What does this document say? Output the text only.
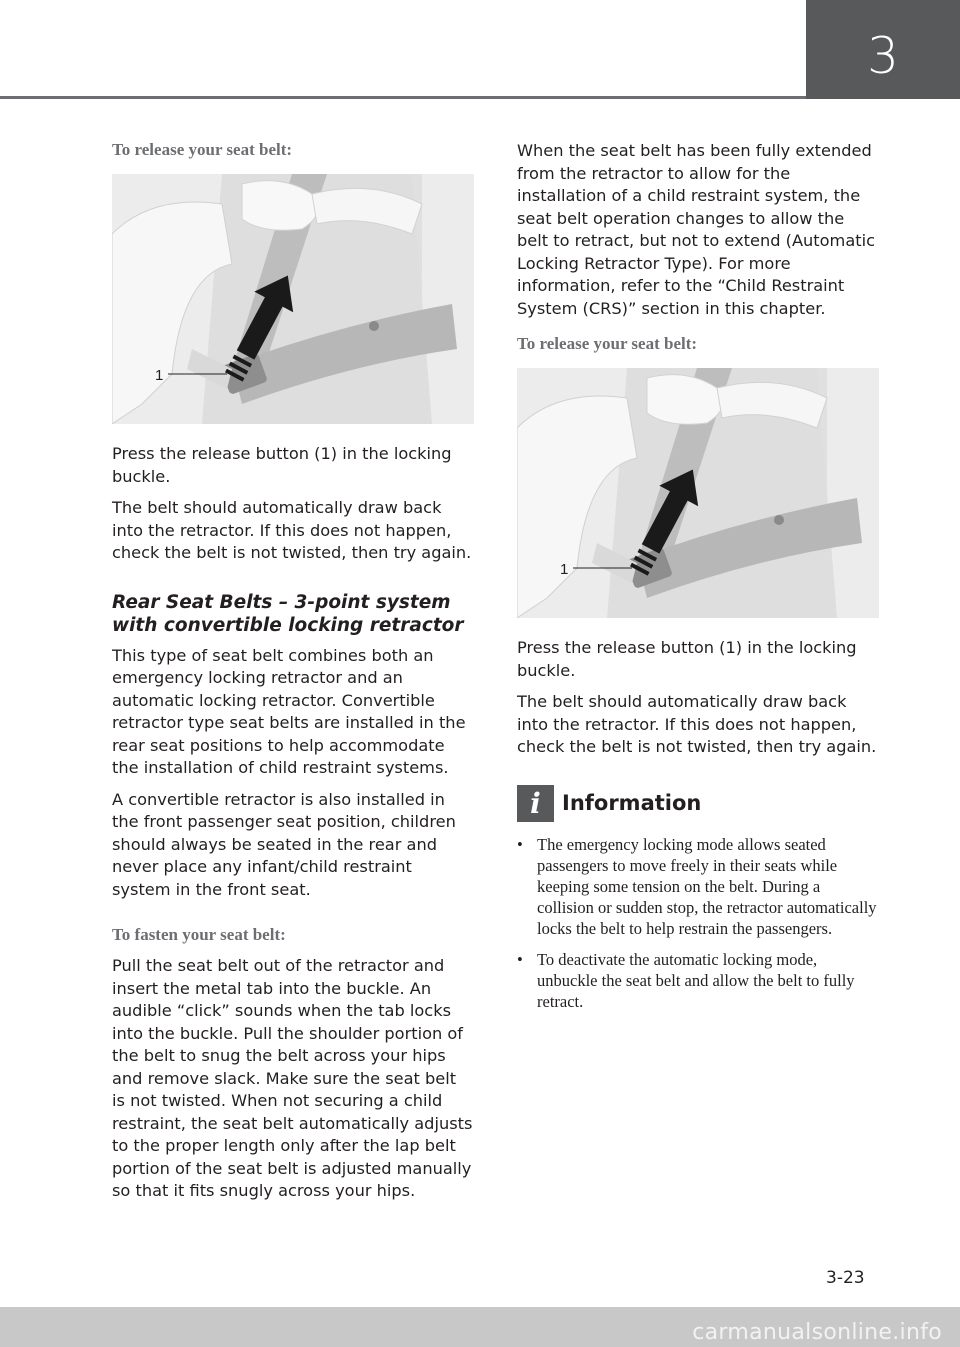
3
To release your seat belt:
1

Press the release button (1) in the locking buckle.

The belt should automatically draw back into the retractor. If this does not happen, check the belt is not twisted, then try again.

Rear Seat Belts – 3-point system with convertible locking retractor

This type of seat belt combines both an emergency locking retractor and an automatic locking retractor. Convertible retractor type seat belts are installed in the rear seat positions to help accommodate the installation of child restraint systems.

A convertible retractor is also installed in the front passenger seat position, children should always be seated in the rear and never place any infant/child restraint system in the front seat.

To fasten your seat belt:

Pull the seat belt out of the retractor and insert the metal tab into the buckle. An audible “click” sounds when the tab locks into the buckle. Pull the shoulder portion of the belt to snug the belt across your hips and remove slack. Make sure the seat belt is not twisted. When not securing a child restraint, the seat belt automatically adjusts to the proper length only after the lap belt portion of the seat belt is adjusted manually so that it fits snugly across your hips.

When the seat belt has been fully extended from the retractor to allow for the installation of a child restraint system, the seat belt operation changes to allow the belt to retract, but not to extend (Automatic Locking Retractor Type). For more information, refer to the “Child Restraint System (CRS)” section in this chapter.

To release your seat belt:
1

Press the release button (1) in the locking buckle.

The belt should automatically draw back into the retractor. If this does not happen, check the belt is not twisted, then try again.

i	Information
• The emergency locking mode allows seated passengers to move freely in their seats while keeping some tension on the belt. During a collision or sudden stop, the retractor automatically locks the belt to help restrain the passengers.
• To deactivate the automatic locking mode, unbuckle the seat belt and allow the belt to fully retract.
3-23
carmanualsonline.info
